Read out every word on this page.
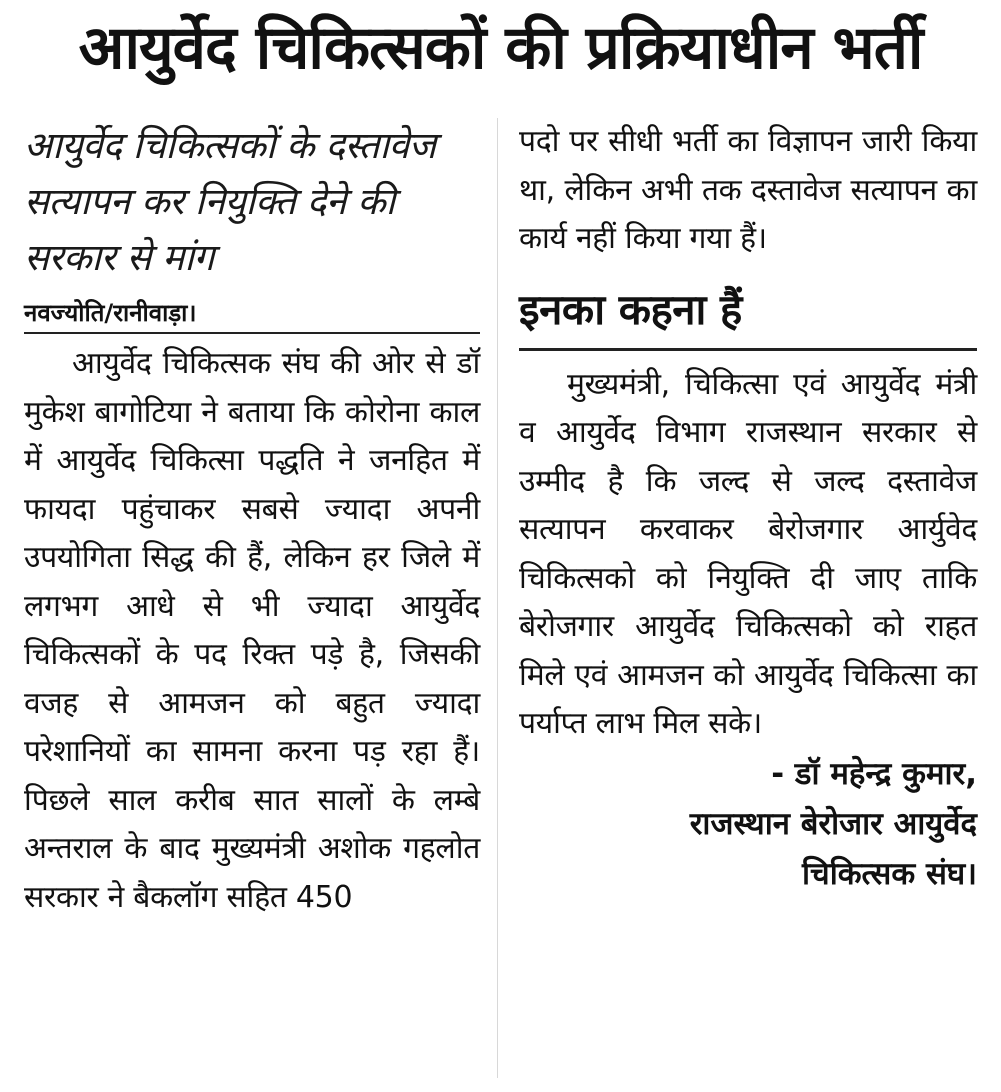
आयुर्वेद चिकित्सकों की प्रक्रियाधीन भर्ती

आयुर्वेद चिकित्सकों के दस्तावेज सत्यापन कर नियुक्ति देने की सरकार से मांग

नवज्योति/रानीवाड़ा।

आयुर्वेद चिकित्सक संघ की ओर से डॉ मुकेश बागोटिया ने बताया कि कोरोना काल में आयुर्वेद चिकित्सा पद्धति ने जनहित में फायदा पहुंचाकर सबसे ज्यादा अपनी उपयोगिता सिद्ध की हैं, लेकिन हर जिले में लगभग आधे से भी ज्यादा आयुर्वेद चिकित्सकों के पद रिक्त पड़े है, जिसकी वजह से आमजन को बहुत ज्यादा परेशानियों का सामना करना पड़ रहा हैं। पिछले साल करीब सात सालों के लम्बे अन्तराल के बाद मुख्यमंत्री अशोक गहलोत सरकार ने बैकलॉग सहित 450

पदो पर सीधी भर्ती का विज्ञापन जारी किया था, लेकिन अभी तक दस्तावेज सत्यापन का कार्य नहीं किया गया हैं।

इनका कहना हैं

मुख्यमंत्री, चिकित्सा एवं आयुर्वेद मंत्री व आयुर्वेद विभाग राजस्थान सरकार से उम्मीद है कि जल्द से जल्द दस्तावेज सत्यापन करवाकर बेरोजगार आर्युवेद चिकित्सको को नियुक्ति दी जाए ताकि बेरोजगार आयुर्वेद चिकित्सको को राहत मिले एवं आमजन को आयुर्वेद चिकित्सा का पर्याप्त लाभ मिल सके।

- डॉ महेन्द्र कुमार,
राजस्थान बेरोजार आयुर्वेद
चिकित्सक संघ।
